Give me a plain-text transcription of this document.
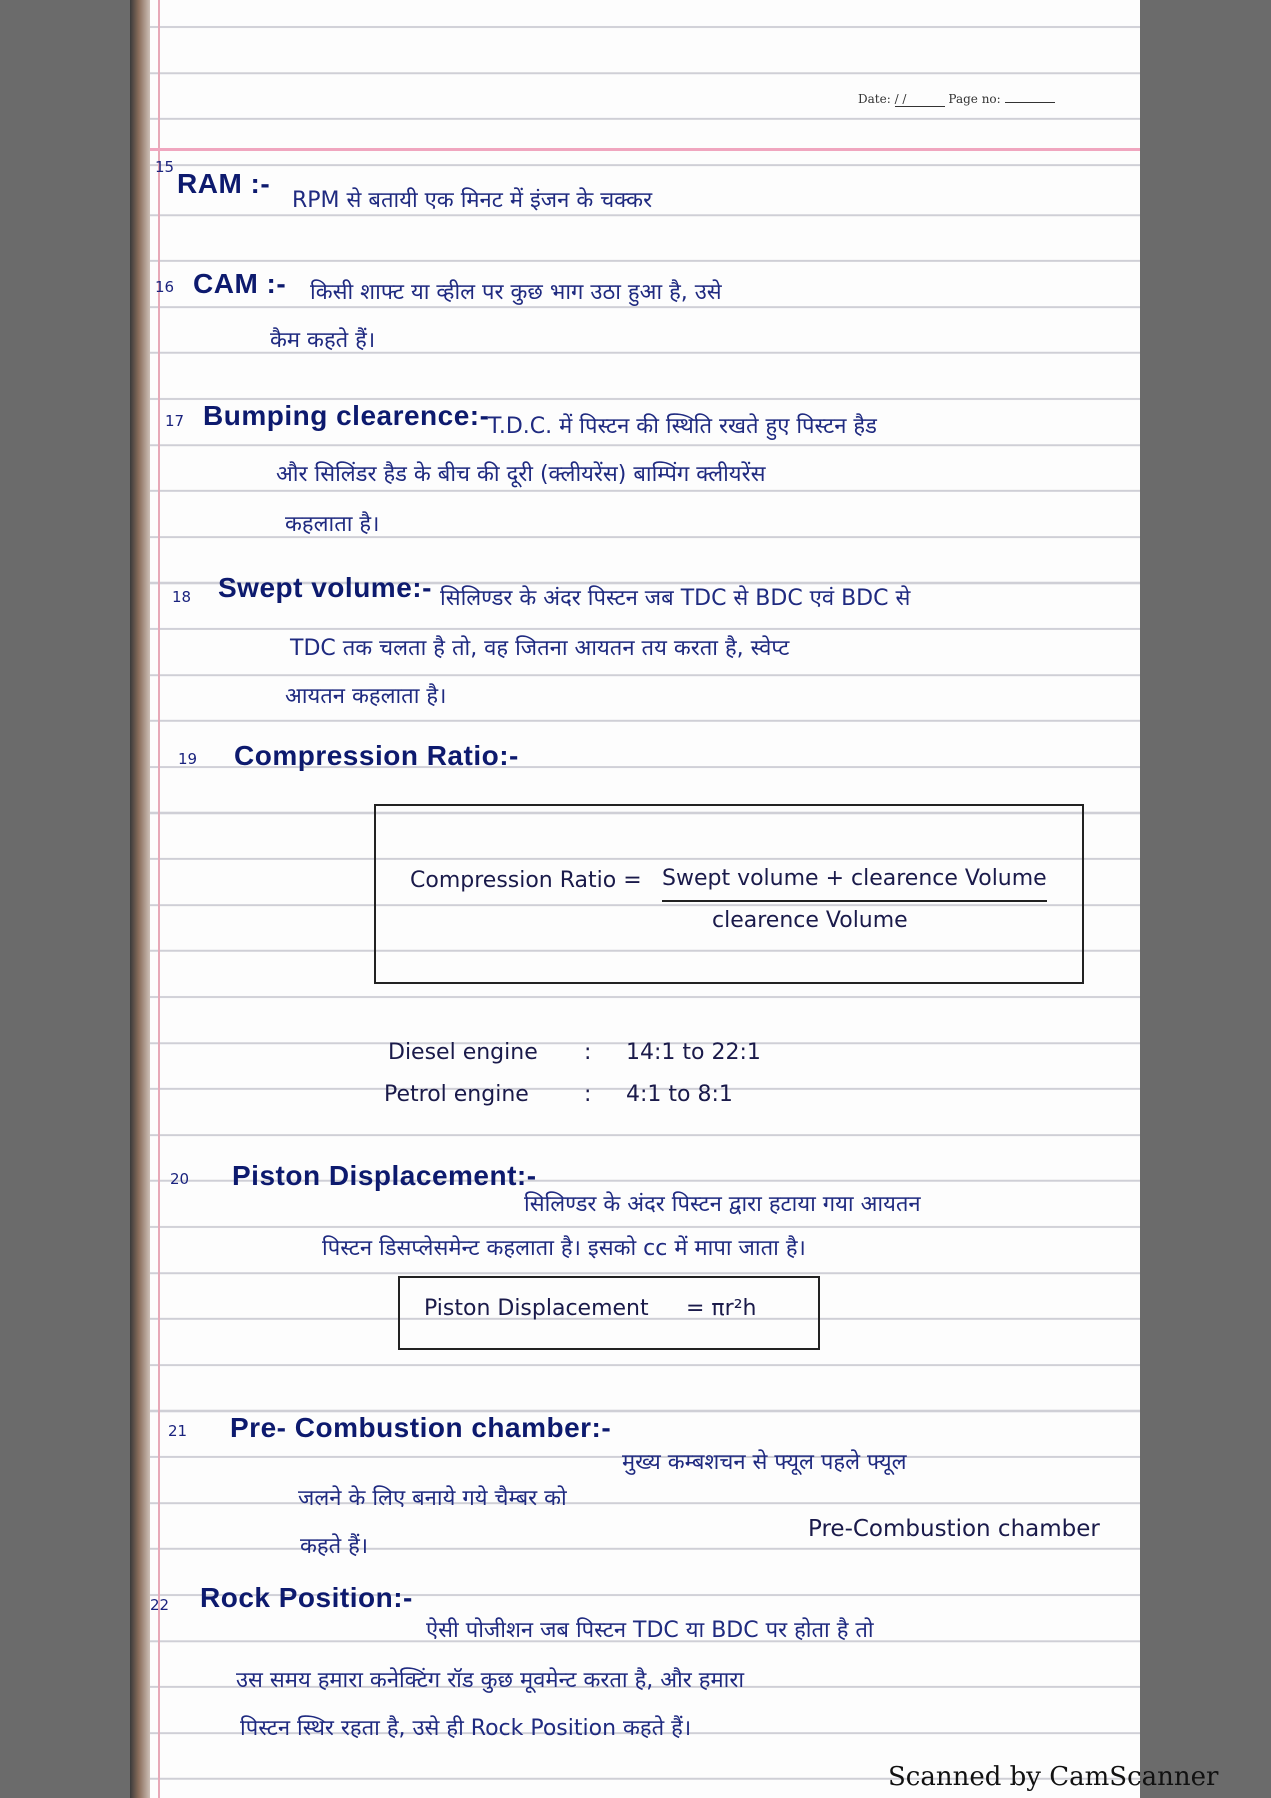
Date: / /	Page no:
15
RAM :-
RPM से बतायी एक मिनट में इंजन के चक्कर
16 CAM :- किसी शाफ्ट या व्हील पर कुछ भाग उठा हुआ है, उसे
कैम कहते हैं।
17 Bumping clearence:-
T.D.C. में पिस्टन की स्थिति रखते हुए पिस्टन हैड
और सिलिंडर हैड के बीच की दूरी (क्लीयरेंस) बाम्पिंग क्लीयरेंस
कहलाता है।
18 Swept volume:- सिलिण्डर के अंदर पिस्टन जब TDC से BDC एवं BDC से
TDC तक चलता है तो, वह जितना आयतन तय करता है, स्वेप्ट
आयतन कहलाता है।
19 Compression Ratio:-
Compression Ratio = Swept volume + clearence Volume
clearence Volume
Diesel engine : 14:1 to 22:1
Petrol engine	: 4:1 to 8:1
20 Piston Displacement:-
सिलिण्डर के अंदर पिस्टन द्वारा हटाया गया आयतन
पिस्टन डिसप्लेसमेन्ट कहलाता है। इसको cc में मापा जाता है।
Piston Displacement = πr²h
21 Pre- Combustion chamber:-
मुख्य कम्बशचन से फ्यूल पहले फ्यूल
जलने के लिए बनाये गये चैम्बर को
कहते हैं।
Pre-Combustion chamber
22 Rock Position:-
ऐसी पोजीशन जब पिस्टन TDC या BDC पर होता है तो
उस समय हमारा कनेक्टिंग रॉड कुछ मूवमेन्ट करता है, और हमारा
पिस्टन स्थिर रहता है, उसे ही Rock Position कहते हैं।
Scanned by CamScanner
